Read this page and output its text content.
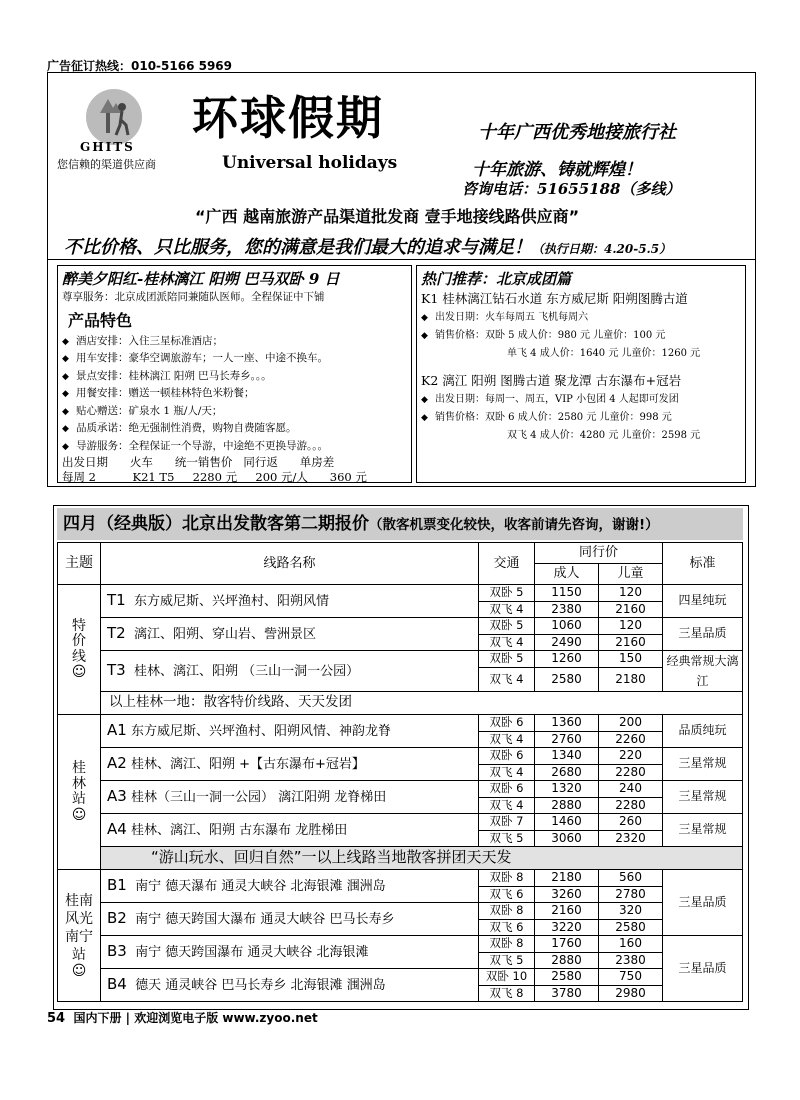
广告征订热线：010-5166 5969
GHITS
您信赖的渠道供应商
环球假期
Universal holidays
十年广西优秀地接旅行社
十年旅游、铸就辉煌！
咨询电话：51655188（多线）
“广西 越南旅游产品渠道批发商 壹手地接线路供应商”
不比价格、只比服务，您的满意是我们最大的追求与满足！（执行日期：4.20-5.5）
醉美夕阳红-桂林漓江 阳朔 巴马双卧 9 日
尊享服务：北京成团派陪同兼随队医师。全程保证中下铺
产品特色
◆ 酒店安排：入住三星标准酒店；
◆ 用车安排：豪华空调旅游车；一人一座、中途不换车。
◆ 景点安排：桂林漓江 阳朔 巴马长寿乡。。。
◆ 用餐安排：赠送一顿桂林特色米粉餐；
◆ 贴心赠送：矿泉水 1 瓶/人/天；
◆ 品质承诺：绝无强制性消费，购物自费随客愿。
◆ 导游服务：全程保证一个导游，中途绝不更换导游。。。
出发日期      火车      统一销售价   同行返      单房差
每周 2          K21 T5     2280 元     200 元/人      360 元
热门推荐：北京成团篇
K1 桂林漓江钻石水道 东方威尼斯 阳朔图腾古道
◆ 出发日期：火车每周五 飞机每周六
◆ 销售价格：双卧 5 成人价：980 元 儿童价：100 元
单飞 4 成人价：1640 元 儿童价：1260 元
K2 漓江 阳朔 图腾古道 聚龙潭 古东瀑布+冠岩
◆ 出发日期：每周一、周五，VIP 小包团 4 人起即可发团
◆ 销售价格：双卧 6 成人价：2580 元 儿童价：998 元
双飞 4 成人价：4280 元 儿童价：2598 元
四月（经典版）北京出发散客第二期报价（散客机票变化较快，收客前请先咨询，谢谢!）
主题	线路名称	交通	同行价		标准
			成人	儿童	

特价线
☺	T1 东方威尼斯、兴坪渔村、阳朔风情	双卧 5	1150	120	四星纯玩
		双飞 4	2380	2160	
	T2 漓江、阳朔、穿山岩、訾洲景区	双卧 5	1060	120	三星品质
		双飞 4	2490	2160	
	T3 桂林、漓江、阳朔 （三山一洞一公园）	双卧 5	1260	150	经典常规大漓江
		双飞 4	2580	2180	
	以上桂林一地：散客特价线路、天天发团				

桂林站
☺	A1 东方威尼斯、兴坪渔村、阳朔风情、神韵龙脊	双卧 6	1360	200	品质纯玩
		双飞 4	2760	2260	
	A2 桂林、漓江、阳朔 +【古东瀑布+冠岩】	双卧 6	1340	220	三星常规
		双飞 4	2680	2280	
	A3 桂林（三山一洞一公园） 漓江阳朔 龙脊梯田	双卧 6	1320	240	三星常规
		双飞 4	2880	2280	
	A4 桂林、漓江、阳朔 古东瀑布 龙胜梯田	双卧 7	1460	260	三星常规
		双飞 5	3060	2320	
	“游山玩水、回归自然”一以上线路当地散客拼团天天发				

桂南风光南宁站
☺	B1 南宁 德天瀑布 通灵大峡谷 北海银滩 涠洲岛	双卧 8	2180	560	三星品质
		双飞 6	3260	2780	
	B2 南宁 德天跨国大瀑布 通灵大峡谷 巴马长寿乡	双卧 8	2160	320	
		双飞 6	3220	2580	
	B3 南宁 德天跨国瀑布 通灵大峡谷 北海银滩	双卧 8	1760	160	三星品质
		双飞 5	2880	2380	
	B4 德天 通灵峡谷 巴马长寿乡 北海银滩 涠洲岛	双卧 10	2580	750	
		双飞 8	3780	2980	
54 国内下册 | 欢迎浏览电子版 www.zyoo.net
